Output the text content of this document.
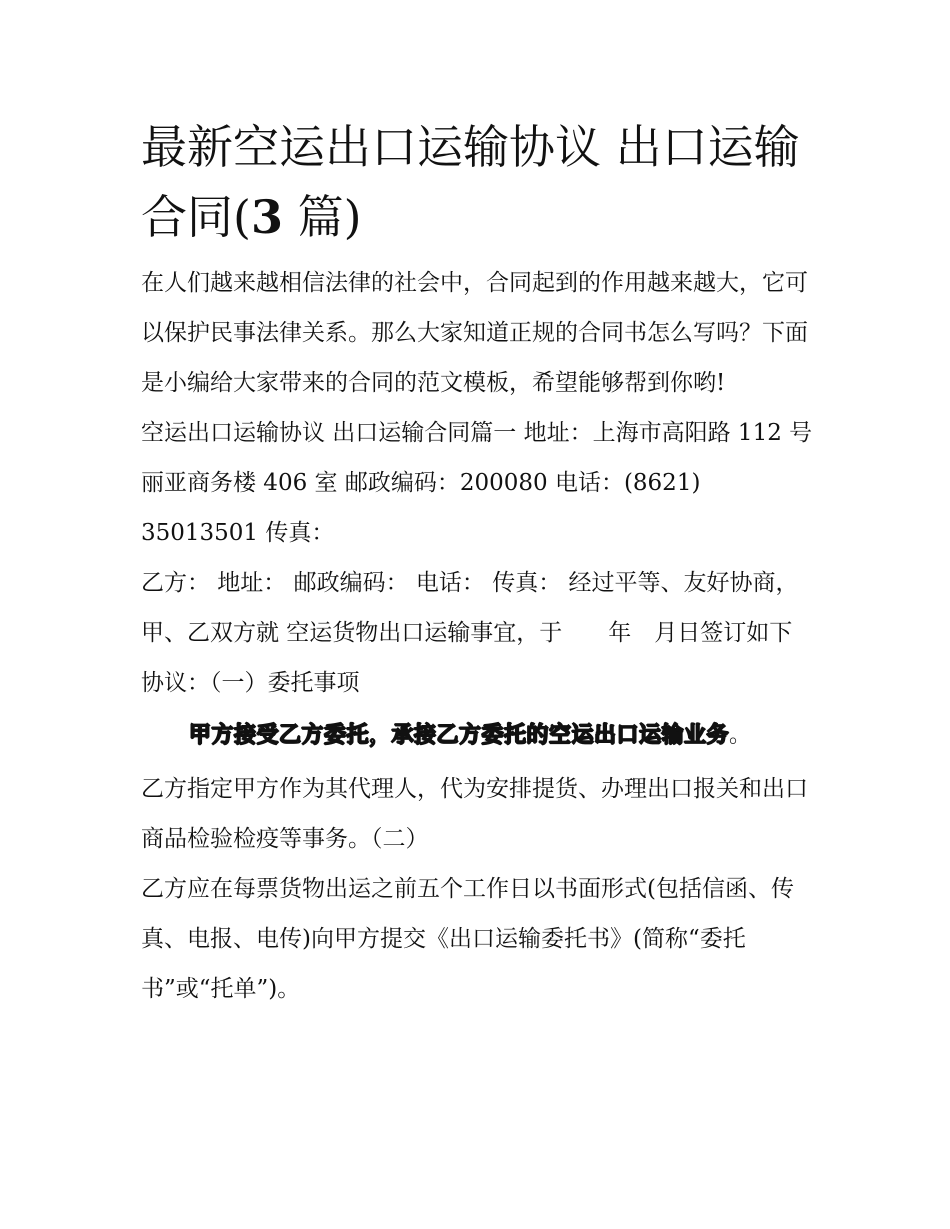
最新空运出口运输协议 出口运输合同(3 篇)

在人们越来越相信法律的社会中，合同起到的作用越来越大，它可以保护民事法律关系。那么大家知道正规的合同书怎么写吗？下面是小编给大家带来的合同的范文模板，希望能够帮到你哟!

空运出口运输协议 出口运输合同篇一 地址：上海市高阳路 112 号丽亚商务楼 406 室 邮政编码：200080 电话：(8621) 35013501 传真：

乙方： 地址： 邮政编码： 电话： 传真： 经过平等、友好协商，甲、乙双方就 空运货物出口运输事宜，于　　年　月日签订如下协议：（一）委托事项

甲方接受乙方委托，承接乙方委托的空运出口运输业务。

乙方指定甲方作为其代理人，代为安排提货、办理出口报关和出口商品检验检疫等事务。（二）

乙方应在每票货物出运之前五个工作日以书面形式(包括信函、传真、电报、电传)向甲方提交《出口运输委托书》(简称“委托书”或“托单”)。
